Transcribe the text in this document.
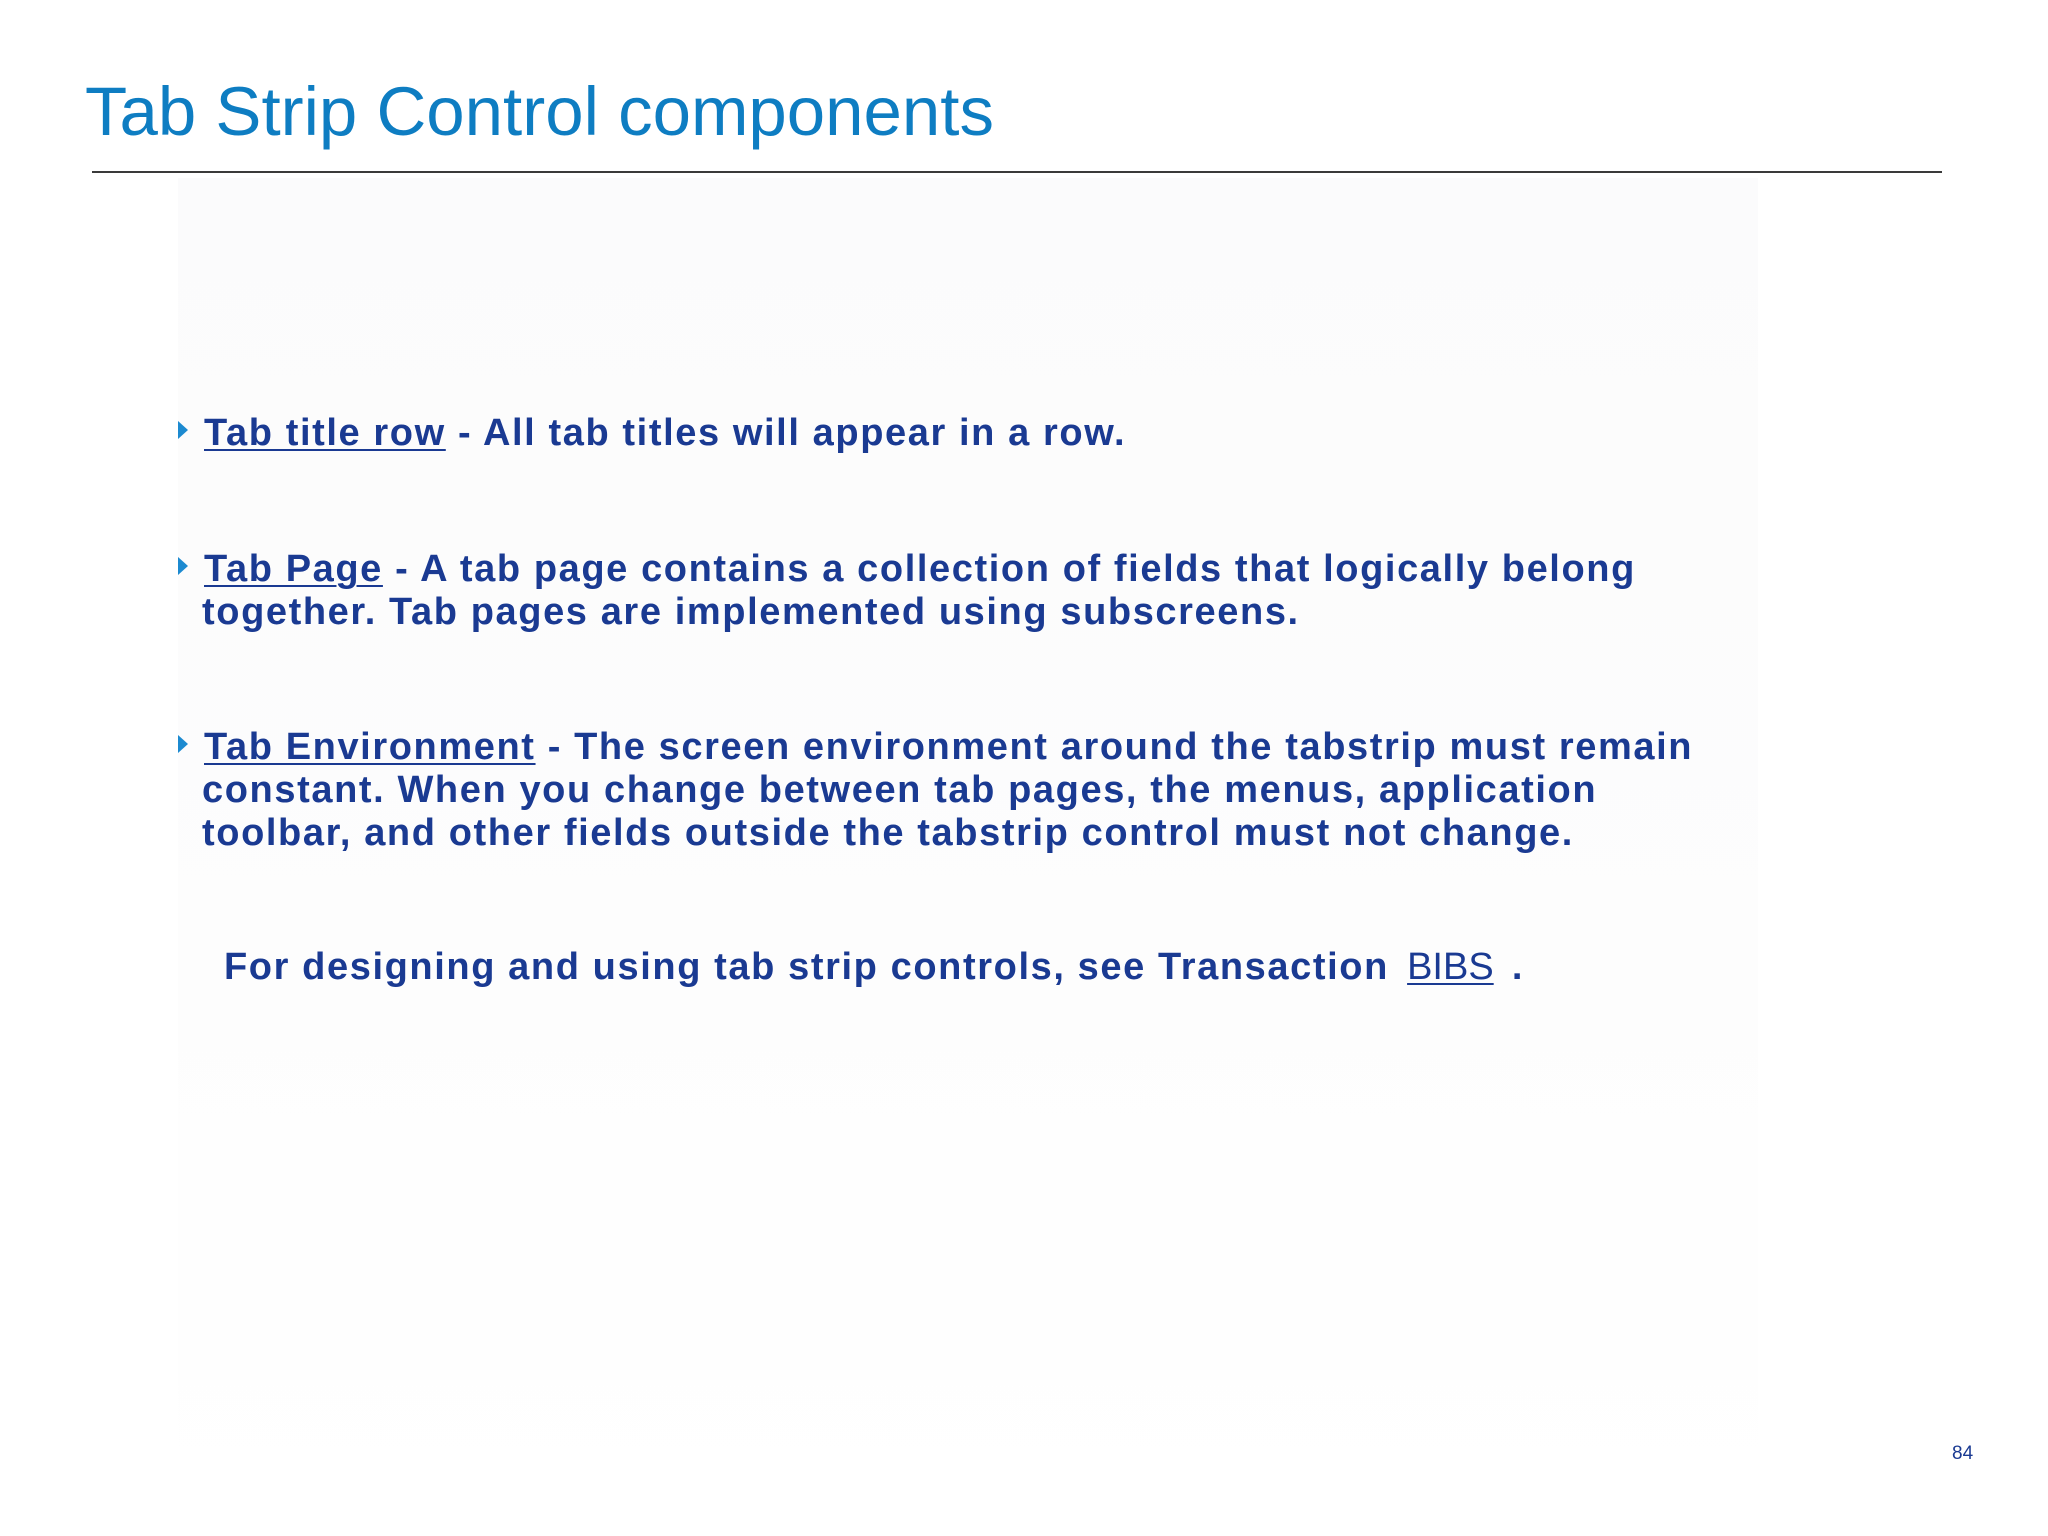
Tab Strip Control components
Tab title row - All tab titles will appear in a row.
Tab Page - A tab page contains a collection of fields that logically belong
together. Tab pages are implemented using subscreens.
Tab Environment - The screen environment around the tabstrip must remain
constant. When you change between tab pages, the menus, application
toolbar, and other fields outside the tabstrip control must not change.
For designing and using tab strip controls, see Transaction BIBS .
84
